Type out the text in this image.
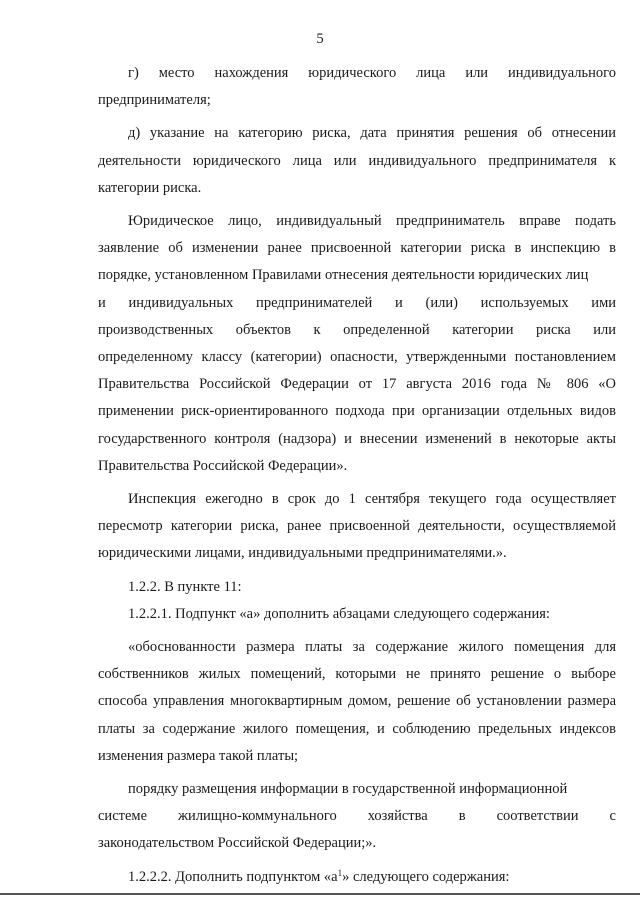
5

г)   место   нахождения   юридического   лица   или   индивидуального

предпринимателя;

д) указание на категорию риска, дата принятия решения об отнесении деятельности юридического лица или индивидуального предпринимателя к категории риска.

Юридическое лицо, индивидуальный предприниматель вправе подать заявление об изменении ранее присвоенной категории риска в инспекцию в порядке, установленном Правилами отнесения деятельности юридических лиц

и индивидуальных предпринимателей и (или) используемых ими

производственных объектов к определенной категории риска или

определенному классу (категории) опасности, утвержденными постановлением Правительства Российской Федерации от 17 августа 2016 года № 806 «О применении риск-ориентированного подхода при организации отдельных видов государственного контроля (надзора) и внесении изменений в некоторые акты Правительства Российской Федерации».

Инспекция ежегодно в срок до 1 сентября текущего года осуществляет пересмотр категории риска, ранее присвоенной деятельности, осуществляемой юридическими лицами, индивидуальными предпринимателями.».

1.2.2. В пункте 11:

1.2.2.1. Подпункт «а» дополнить абзацами следующего содержания:

«обоснованности размера платы за содержание жилого помещения для собственников жилых помещений, которыми не принято решение о выборе способа управления многоквартирным домом, решение об установлении размера платы за содержание жилого помещения, и соблюдению предельных индексов изменения размера такой платы;

порядку размещения информации в государственной информационной

системе жилищно-коммунального хозяйства в соответствии с

законодательством Российской Федерации;».

1.2.2.2. Дополнить подпунктом «$а^1$» следующего содержания:
